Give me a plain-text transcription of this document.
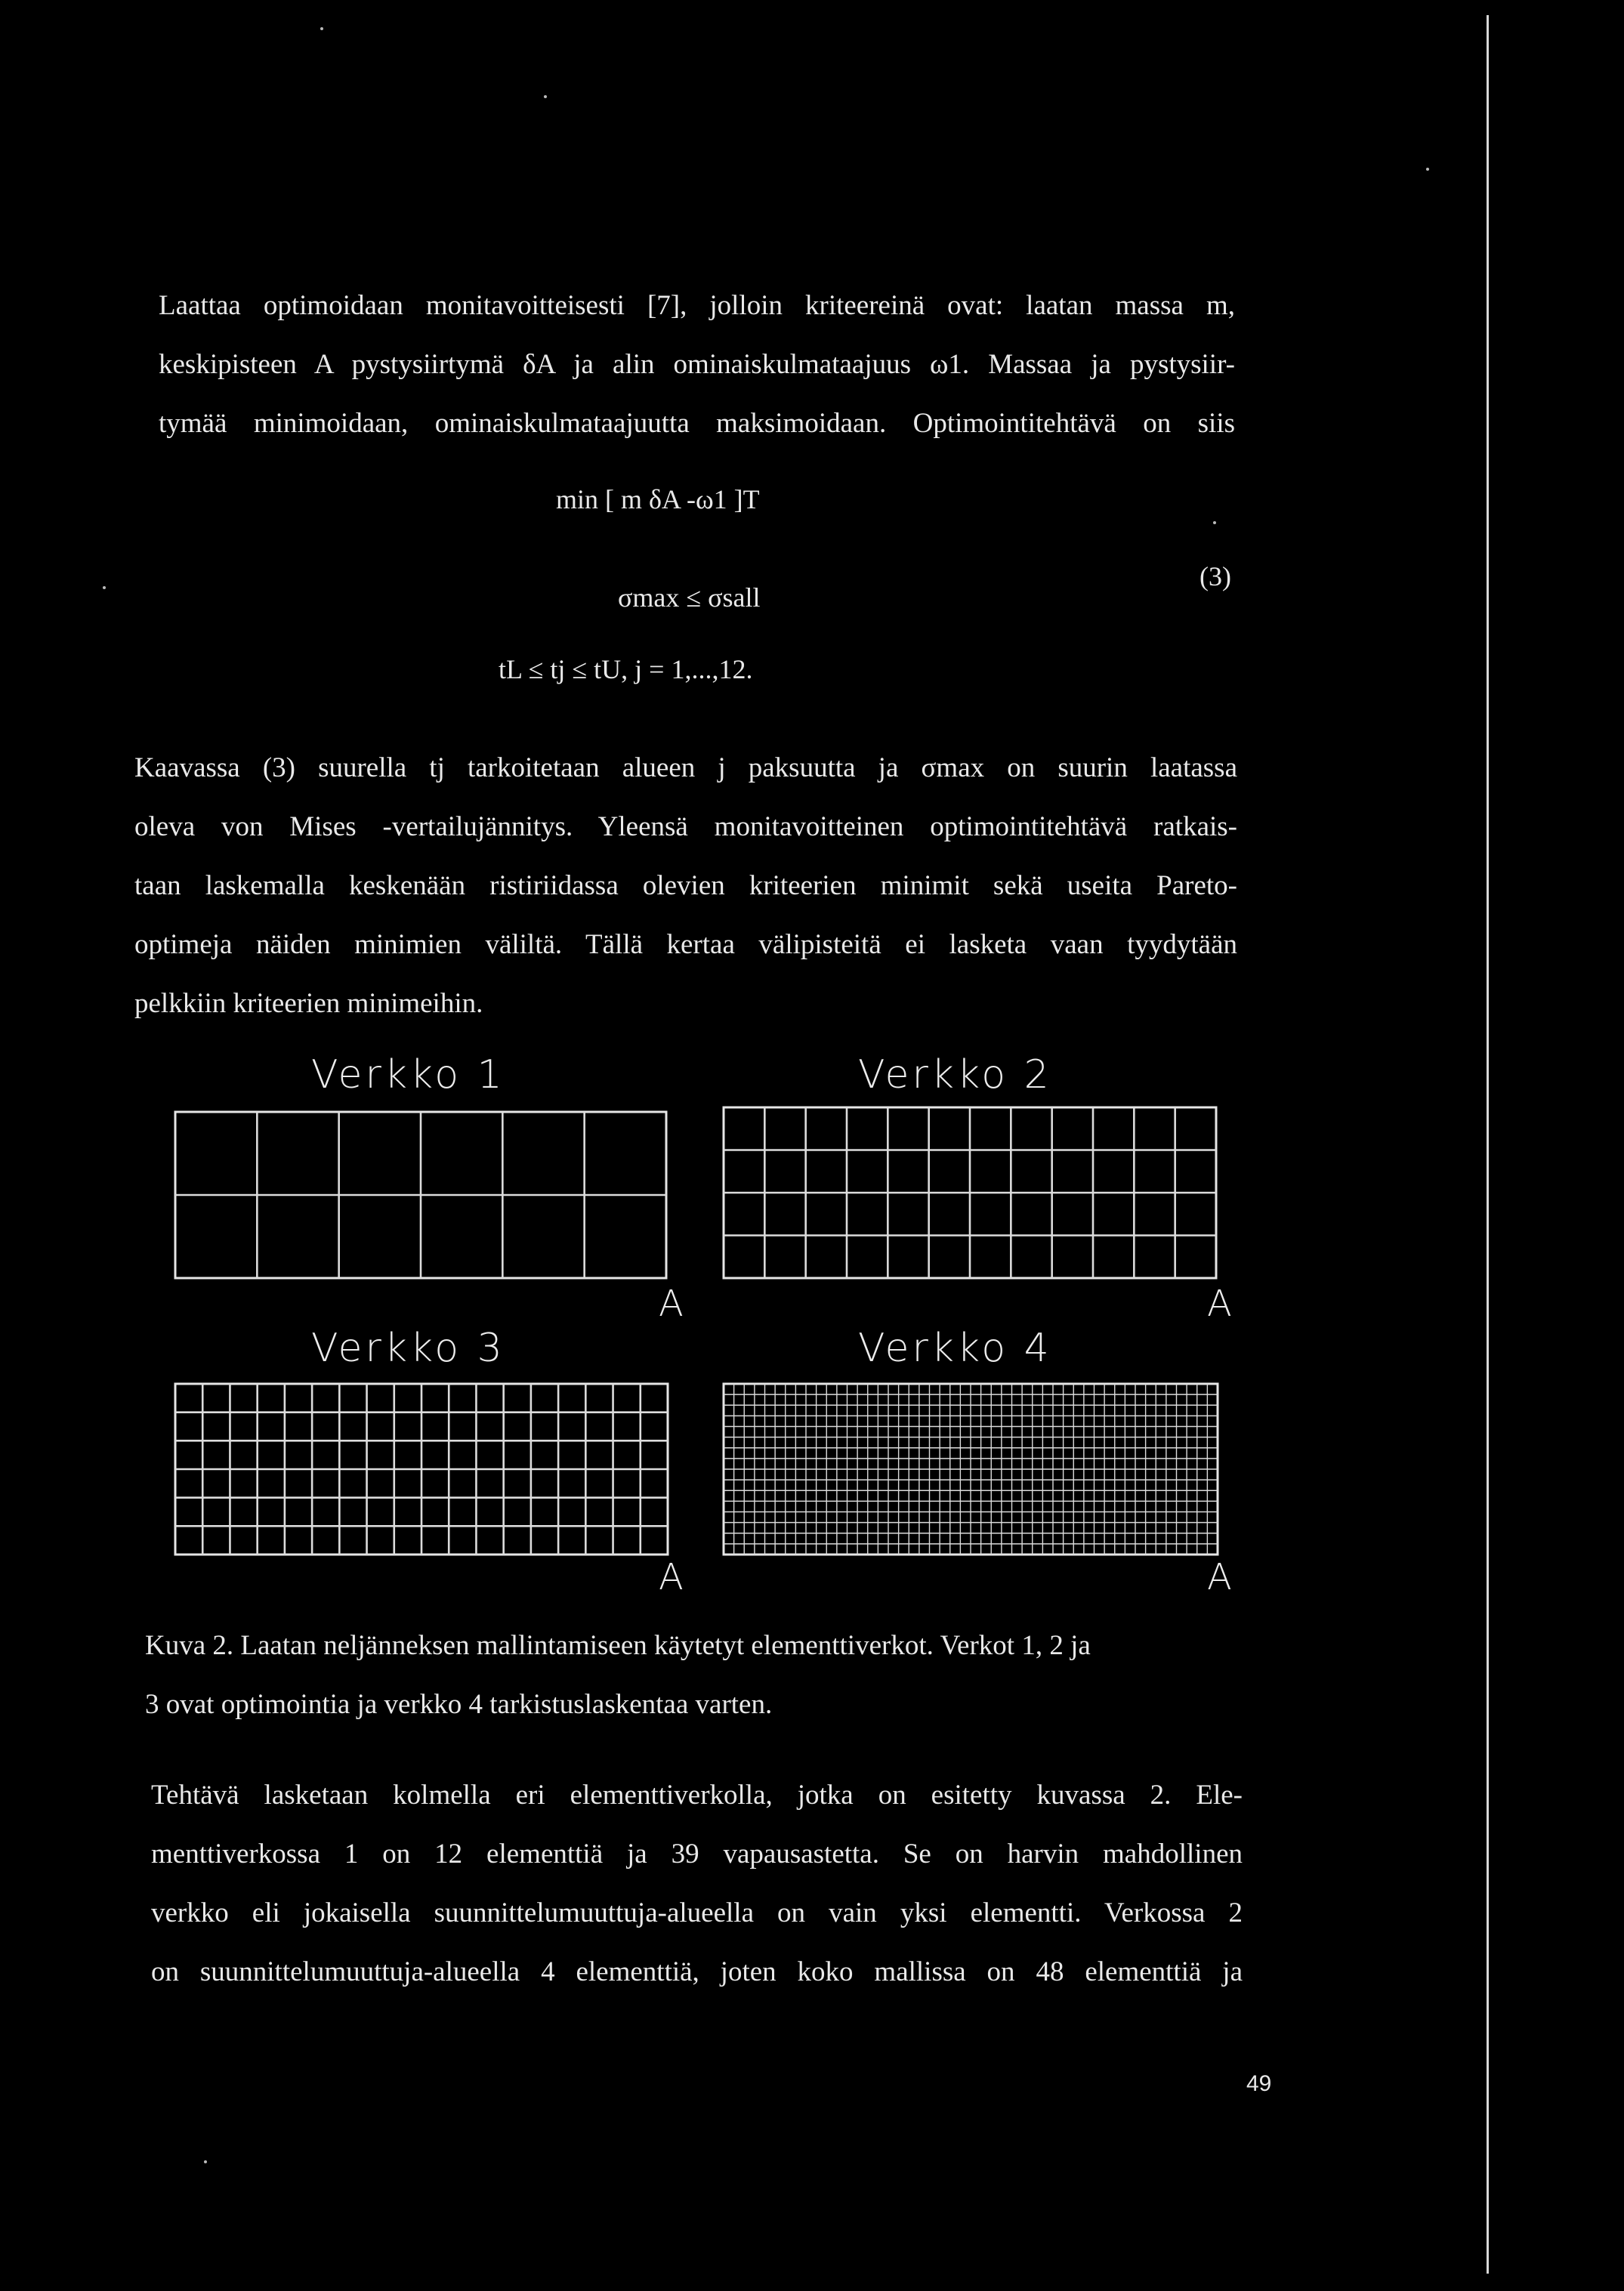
Laattaa optimoidaan monitavoitteisesti [7], jolloin kriteereinä ovat: laatan massa m,
keskipisteen A pystysiirtymä δA ja alin ominaiskulmataajuus ω1. Massaa ja pystysiir-
tymää minimoidaan, ominaiskulmataajuutta maksimoidaan. Optimointitehtävä on siis

min [ m δA -ω1 ]T
σmax ≤ σsall
tL ≤ tj ≤ tU, j = 1,...,12.
(3)

Kaavassa (3) suurella tj tarkoitetaan alueen j paksuutta ja σmax on suurin laatassa
oleva von Mises -vertailujännitys. Yleensä monitavoitteinen optimointitehtävä ratkais-
taan laskemalla keskenään ristiriidassa olevien kriteerien minimit sekä useita Pareto-
optimeja näiden minimien väliltä. Tällä kertaa välipisteitä ei lasketa vaan tyydytään
pelkkiin kriteerien minimeihin.

Verkko 1
A
Verkko 2
A
Verkko 3
A
Verkko 4
A
Kuva 2. Laatan neljänneksen mallintamiseen käytetyt elementtiverkot. Verkot 1, 2 ja
3 ovat optimointia ja verkko 4 tarkistuslaskentaa varten.

Tehtävä lasketaan kolmella eri elementtiverkolla, jotka on esitetty kuvassa 2. Ele-
menttiverkossa 1 on 12 elementtiä ja 39 vapausastetta. Se on harvin mahdollinen
verkko eli jokaisella suunnittelumuuttuja-alueella on vain yksi elementti. Verkossa 2
on suunnittelumuuttuja-alueella 4 elementtiä, joten koko mallissa on 48 elementtiä ja

49
